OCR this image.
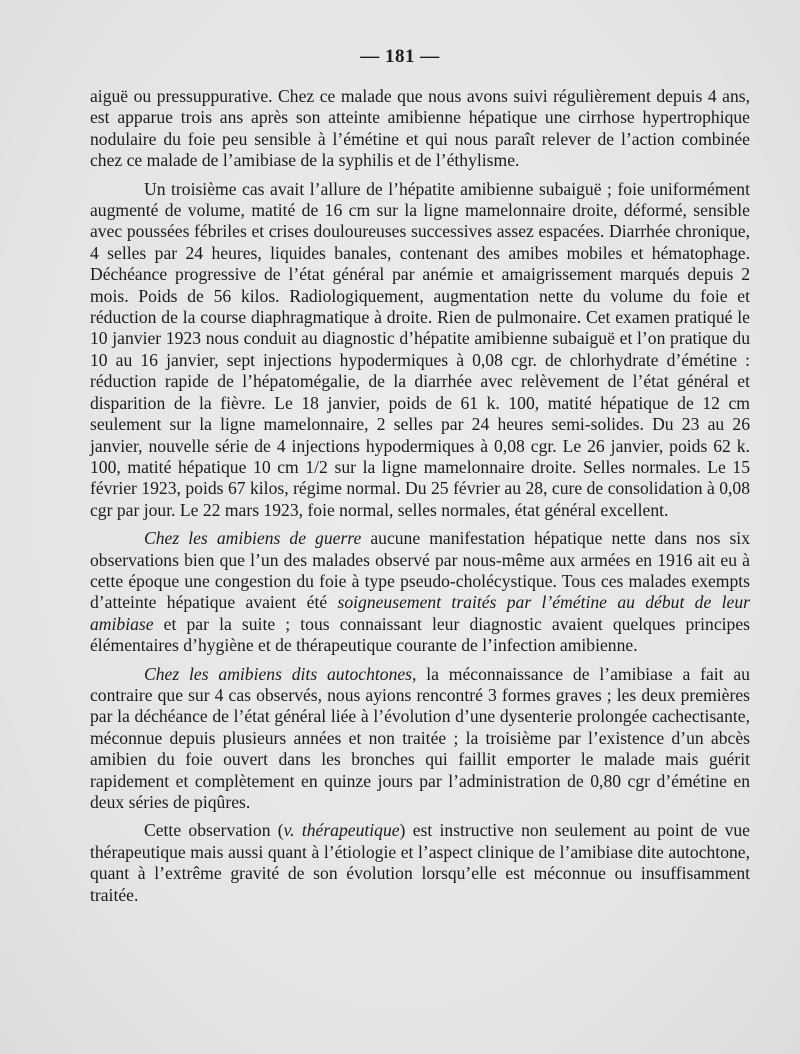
— 181 —

aiguë ou pressuppurative. Chez ce malade que nous avons suivi régulièrement depuis 4 ans, est apparue trois ans après son atteinte amibienne hépatique une cirrhose hypertrophique nodulaire du foie peu sensible à l’émétine et qui nous paraît relever de l’action combinée chez ce malade de l’amibiase de la syphilis et de l’éthylisme.

Un troisième cas avait l’allure de l’hépatite amibienne subaiguë ; foie uniformément augmenté de volume, matité de 16 cm sur la ligne mamelonnaire droite, déformé, sensible avec poussées fébriles et crises douloureuses successives assez espacées. Diarrhée chronique, 4 selles par 24 heures, liquides banales, contenant des amibes mobiles et hématophage. Déchéance progressive de l’état général par anémie et amaigrissement marqués depuis 2 mois. Poids de 56 kilos. Radiologiquement, augmentation nette du volume du foie et réduction de la course diaphragmatique à droite. Rien de pulmonaire. Cet examen pratiqué le 10 janvier 1923 nous conduit au diagnostic d’hépatite amibienne subaiguë et l’on pratique du 10 au 16 janvier, sept injections hypodermiques à 0,08 cgr. de chlorhydrate d’émétine : réduction rapide de l’hépatomégalie, de la diarrhée avec relèvement de l’état général et disparition de la fièvre. Le 18 janvier, poids de 61 k. 100, matité hépatique de 12 cm seulement sur la ligne mamelonnaire, 2 selles par 24 heures semi-solides. Du 23 au 26 janvier, nouvelle série de 4 injections hypodermiques à 0,08 cgr. Le 26 janvier, poids 62 k. 100, matité hépatique 10 cm 1/2 sur la ligne mamelonnaire droite. Selles normales. Le 15 février 1923, poids 67 kilos, régime normal. Du 25 février au 28, cure de consolidation à 0,08 cgr par jour. Le 22 mars 1923, foie normal, selles normales, état général excellent.

Chez les amibiens de guerre aucune manifestation hépatique nette dans nos six observations bien que l’un des malades observé par nous-même aux armées en 1916 ait eu à cette époque une congestion du foie à type pseudo-cholécystique. Tous ces malades exempts d’atteinte hépatique avaient été soigneusement traités par l’émétine au début de leur amibiase et par la suite ; tous connaissant leur diagnostic avaient quelques principes élémentaires d’hygiène et de thérapeutique courante de l’infection amibienne.

Chez les amibiens dits autochtones, la méconnaissance de l’amibiase a fait au contraire que sur 4 cas observés, nous ayions rencontré 3 formes graves ; les deux premières par la déchéance de l’état général liée à l’évolution d’une dysenterie prolongée cachectisante, méconnue depuis plusieurs années et non traitée ; la troisième par l’existence d’un abcès amibien du foie ouvert dans les bronches qui faillit emporter le malade mais guérit rapidement et complètement en quinze jours par l’administration de 0,80 cgr d’émétine en deux séries de piqûres.

Cette observation (v. thérapeutique) est instructive non seulement au point de vue thérapeutique mais aussi quant à l’étiologie et l’aspect clinique de l’amibiase dite autochtone, quant à l’extrême gravité de son évolution lorsqu’elle est méconnue ou insuffisamment traitée.
